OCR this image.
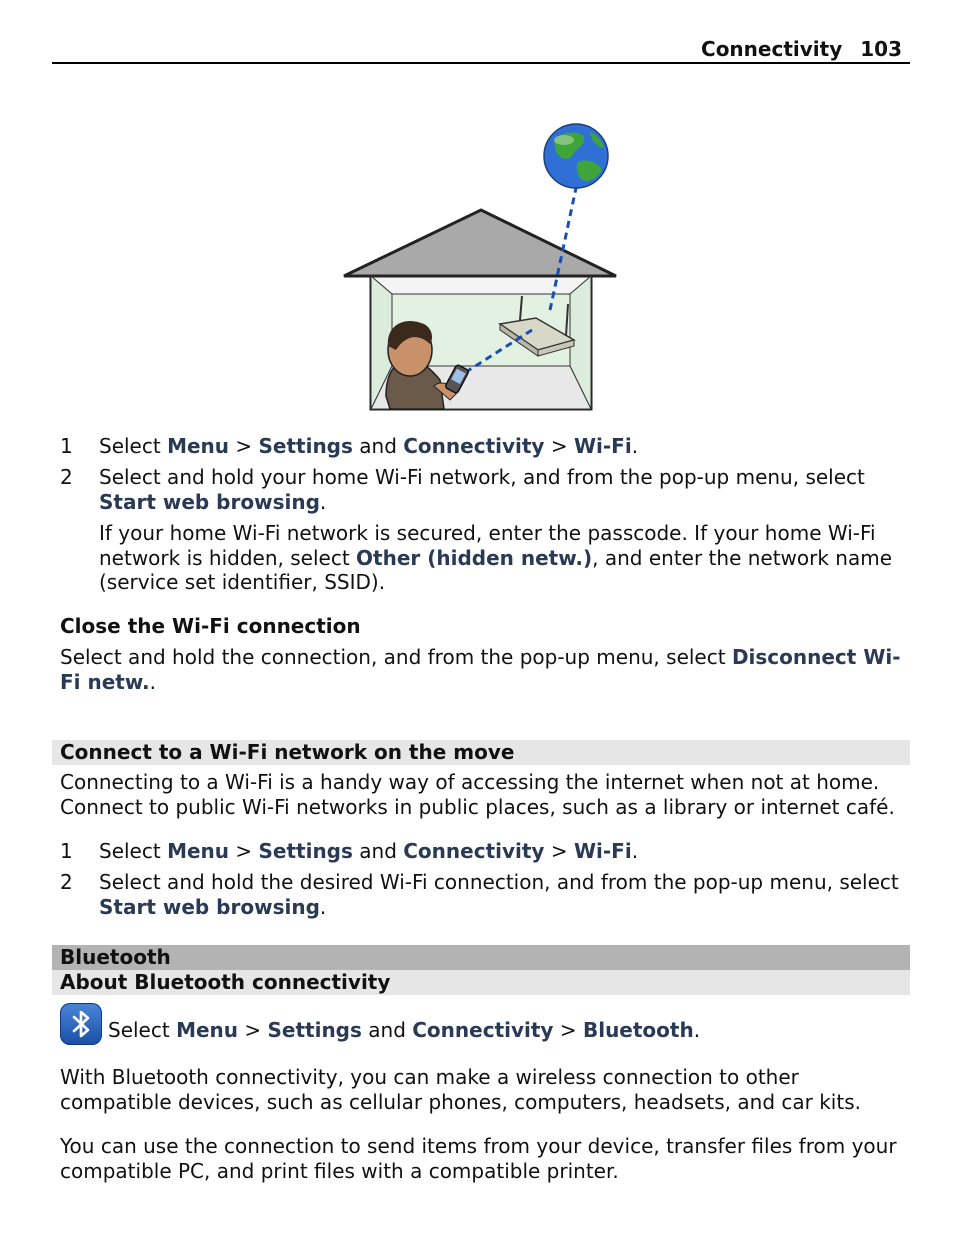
Connectivity 103
1 Select Menu > Settings and Connectivity > Wi-Fi.
2 Select and hold your home Wi-Fi network, and from the pop-up menu, select Start web browsing.
If your home Wi-Fi network is secured, enter the passcode. If your home Wi-Fi network is hidden, select Other (hidden netw.), and enter the network name (service set identifier, SSID).
Close the Wi-Fi connection
Select and hold the connection, and from the pop-up menu, select Disconnect Wi-Fi netw..
Connect to a Wi-Fi network on the move
Connecting to a Wi-Fi is a handy way of accessing the internet when not at home. Connect to public Wi-Fi networks in public places, such as a library or internet café.
1 Select Menu > Settings and Connectivity > Wi-Fi.
2 Select and hold the desired Wi-Fi connection, and from the pop-up menu, select Start web browsing.
Bluetooth
About Bluetooth connectivity
Select Menu > Settings and Connectivity > Bluetooth.
With Bluetooth connectivity, you can make a wireless connection to other compatible devices, such as cellular phones, computers, headsets, and car kits.
You can use the connection to send items from your device, transfer files from your compatible PC, and print files with a compatible printer.
